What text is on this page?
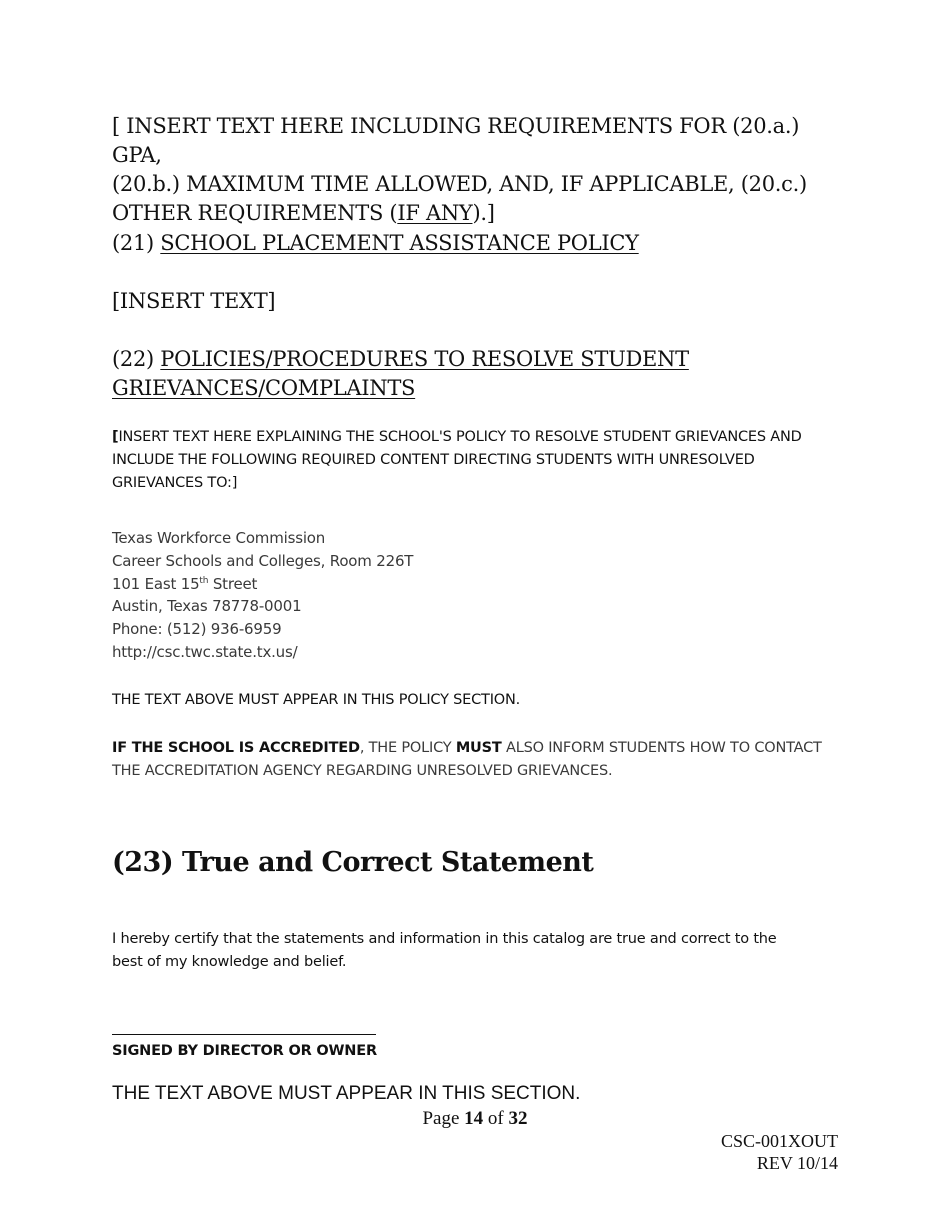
[ INSERT TEXT HERE INCLUDING REQUIREMENTS FOR (20.a.) GPA,
(20.b.) MAXIMUM TIME ALLOWED, AND, IF APPLICABLE, (20.c.)
OTHER REQUIREMENTS (IF ANY).]
(21) SCHOOL PLACEMENT ASSISTANCE POLICY
[INSERT TEXT]
(22) POLICIES/PROCEDURES TO RESOLVE STUDENT
GRIEVANCES/COMPLAINTS
[INSERT TEXT HERE EXPLAINING THE SCHOOL'S POLICY TO RESOLVE STUDENT GRIEVANCES AND
INCLUDE THE FOLLOWING REQUIRED CONTENT DIRECTING STUDENTS WITH UNRESOLVED
GRIEVANCES TO:]
Texas Workforce Commission
Career Schools and Colleges, Room 226T
101 East 15th Street
Austin, Texas 78778-0001
Phone: (512) 936-6959
http://csc.twc.state.tx.us/
THE TEXT ABOVE MUST APPEAR IN THIS POLICY SECTION.
IF THE SCHOOL IS ACCREDITED, THE POLICY MUST ALSO INFORM STUDENTS HOW TO CONTACT
THE ACCREDITATION AGENCY REGARDING UNRESOLVED GRIEVANCES.
(23) True and Correct Statement
I hereby certify that the statements and information in this catalog are true and correct to the
best of my knowledge and belief.
SIGNED BY DIRECTOR OR OWNER
THE TEXT ABOVE MUST APPEAR IN THIS SECTION.
Page 14 of 32
CSC-001XOUT
REV 10/14
